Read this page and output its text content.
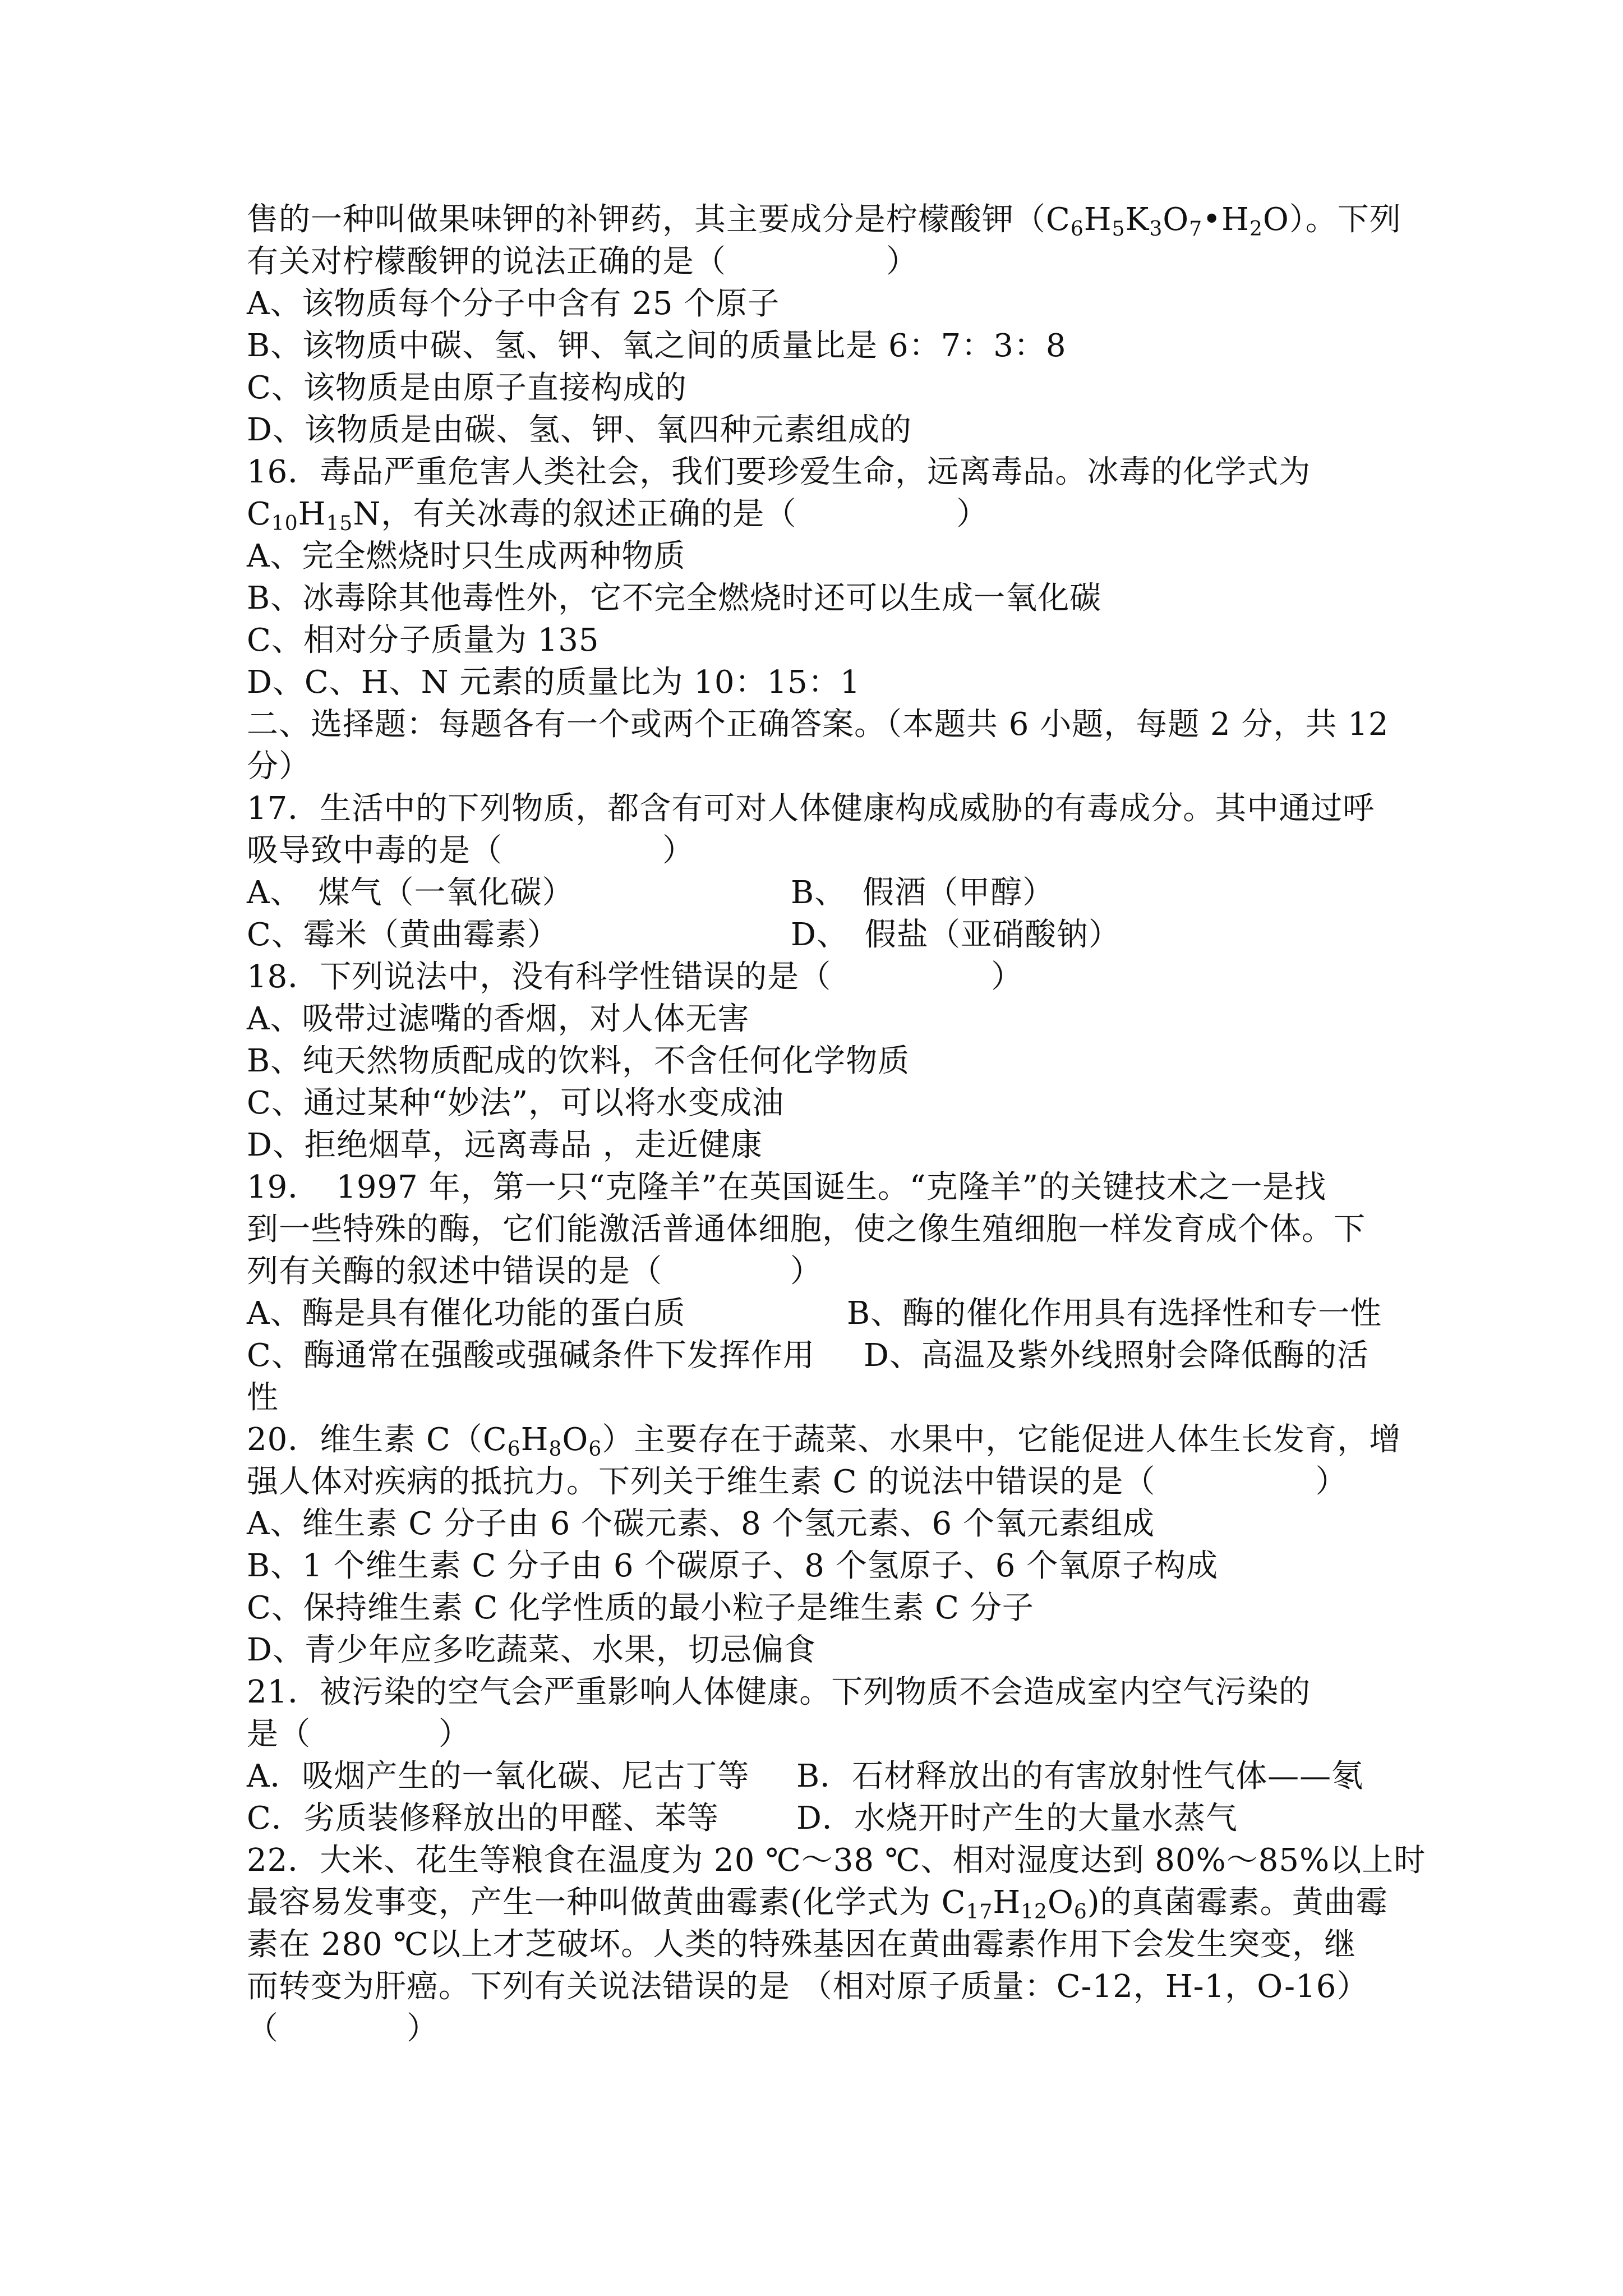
售的一种叫做果味钾的补钾药，其主要成分是柠檬酸钾$(C_6H_5K_3O_7•H_2O)$。下列
有关对柠檬酸钾的说法正确的是（　　　　　）
A、该物质每个分子中含有 25 个原子
B、该物质中碳、氢、钾、氧之间的质量比是 6：7：3：8
C、该物质是由原子直接构成的
D、该物质是由碳、氢、钾、氧四种元素组成的
16．毒品严重危害人类社会，我们要珍爱生命，远离毒品。冰毒的化学式为
$C_{10}H_{15}N$，有关冰毒的叙述正确的是（　　　　　）
A、完全燃烧时只生成两种物质
B、冰毒除其他毒性外，它不完全燃烧时还可以生成一氧化碳
C、相对分子质量为 135
D、C、H、N 元素的质量比为 10：15：1
二、选择题：每题各有一个或两个正确答案。（本题共 6 小题，每题 2 分，共 12
分）
17．生活中的下列物质，都含有可对人体健康构成威胁的有毒成分。其中通过呼
吸导致中毒的是（　　　　　）
A、　煤气（一氧化碳）	B、　假酒（甲醇）
C、霉米（黄曲霉素）	D、　假盐（亚硝酸钠）
18．下列说法中，没有科学性错误的是（　　　　　）
A、吸带过滤嘴的香烟，对人体无害
B、纯天然物质配成的饮料，不含任何化学物质
C、通过某种“妙法”，可以将水变成油
D、拒绝烟草，远离毒品 ，走近健康
19．　1997 年，第一只“克隆羊”在英国诞生。“克隆羊”的关键技术之一是找
到一些特殊的酶，它们能激活普通体细胞，使之像生殖细胞一样发育成个体。下
列有关酶的叙述中错误的是（　　　　）
A、酶是具有催化功能的蛋白质	B、酶的催化作用具有选择性和专一性
C、酶通常在强酸或强碱条件下发挥作用 D、高温及紫外线照射会降低酶的活
性
20．维生素 $C(C_6H_8O_6)$主要存在于蔬菜、水果中，它能促进人体生长发育，增
强人体对疾病的抵抗力。下列关于维生素 C 的说法中错误的是（　　　　　）
A、维生素 C 分子由 6 个碳元素、8 个氢元素、6 个氧元素组成
B、1 个维生素 C 分子由 6 个碳原子、8 个氢原子、6 个氧原子构成
C、保持维生素 C 化学性质的最小粒子是维生素 C 分子
D、青少年应多吃蔬菜、水果，切忌偏食
21．被污染的空气会严重影响人体健康。下列物质不会造成室内空气污染的
是（　　　　）
A．吸烟产生的一氧化碳、尼古丁等 B．石材释放出的有害放射性气体——氡
C．劣质装修释放出的甲醛、苯等 D．水烧开时产生的大量水蒸气
22．大米、花生等粮食在温度为 20 ℃～38 ℃、相对湿度达到 80%～85%以上时
最容易发事变，产生一种叫做黄曲霉素(化学式为 $C_{17}H_{12}O_6$)的真菌霉素。黄曲霉
素在 280 ℃以上才芝破坏。人类的特殊基因在黄曲霉素作用下会发生突变，继
而转变为肝癌。下列有关说法错误的是 （相对原子质量：C-12，H-1，O-16）
（　　　　）
